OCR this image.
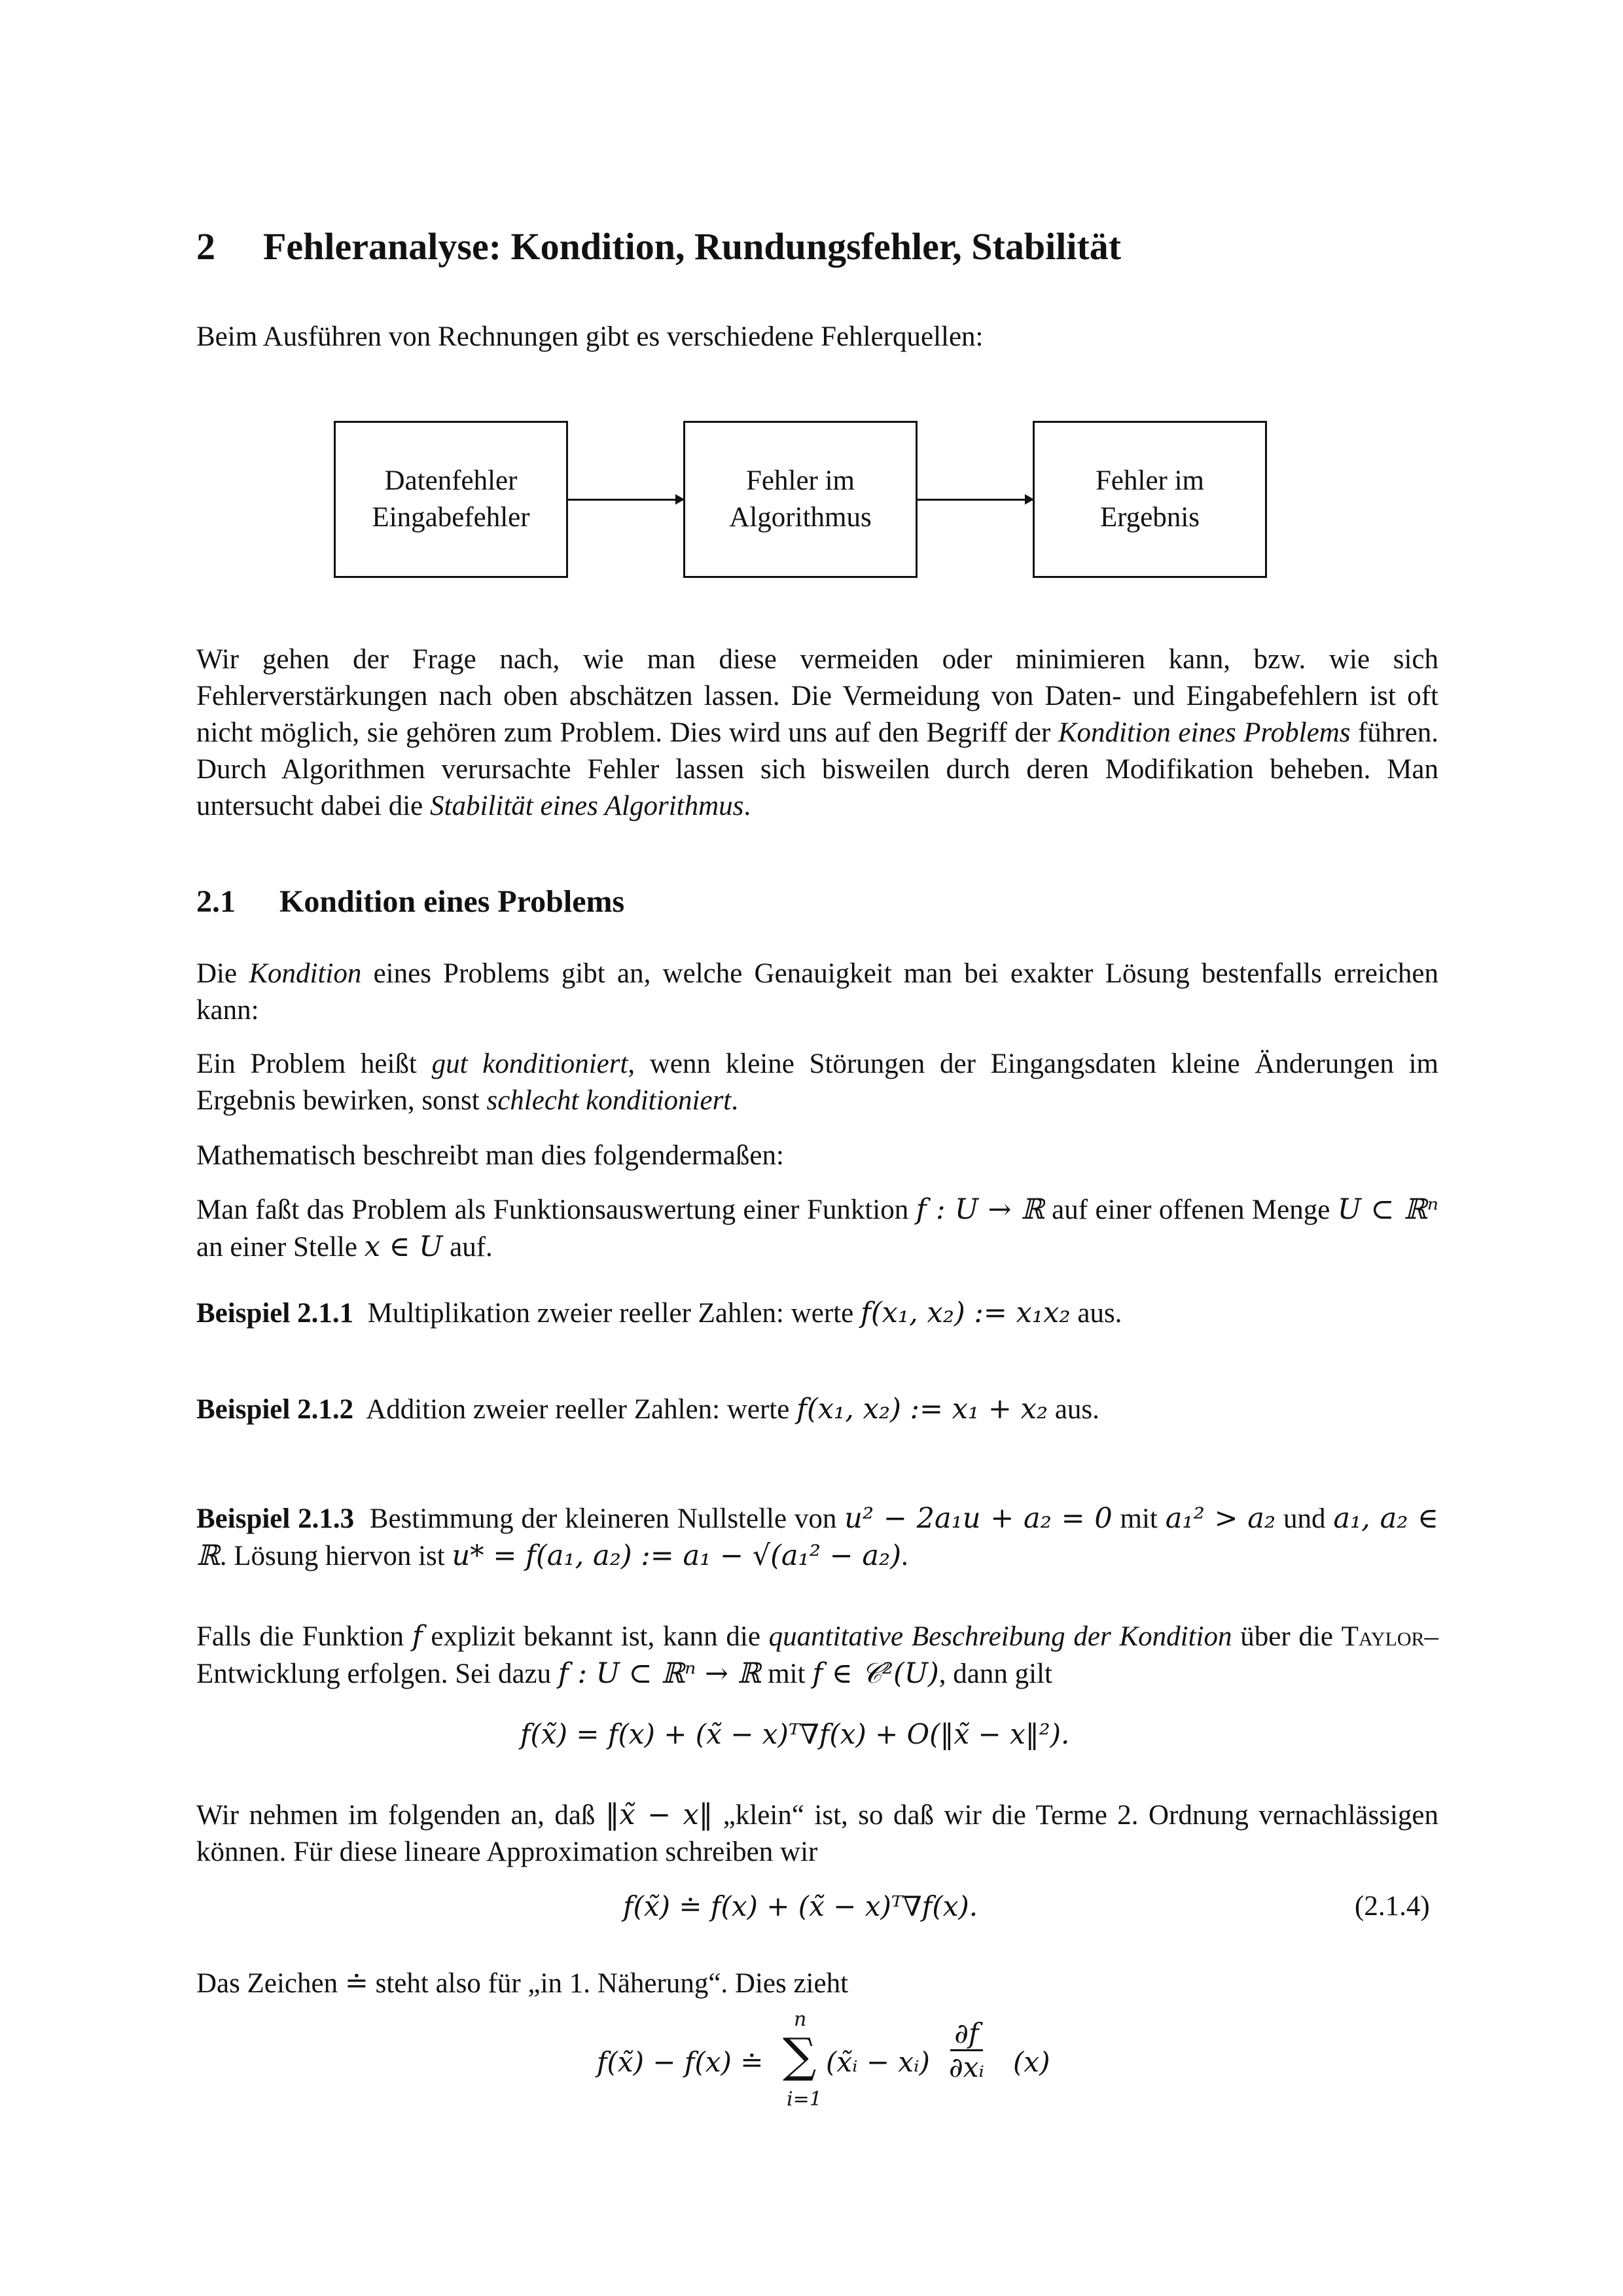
2 Fehleranalyse: Kondition, Rundungsfehler, Stabilität
Beim Ausführen von Rechnungen gibt es verschiedene Fehlerquellen:
Datenfehler
Eingabefehler
Fehler im
Algorithmus
Fehler im
Ergebnis
Wir gehen der Frage nach, wie man diese vermeiden oder minimieren kann, bzw. wie sich Fehlerverstärkungen nach oben abschätzen lassen. Die Vermeidung von Daten- und Eingabefehlern ist oft nicht möglich, sie gehören zum Problem. Dies wird uns auf den Begriff der Kondition eines Problems führen. Durch Algorithmen verursachte Fehler lassen sich bisweilen durch deren Modifikation beheben. Man untersucht dabei die Stabilität eines Algorithmus.
2.1 Kondition eines Problems
Die Kondition eines Problems gibt an, welche Genauigkeit man bei exakter Lösung bestenfalls erreichen kann:
Ein Problem heißt gut konditioniert, wenn kleine Störungen der Eingangsdaten kleine Änderungen im Ergebnis bewirken, sonst schlecht konditioniert.
Mathematisch beschreibt man dies folgendermaßen:
Man faßt das Problem als Funktionsauswertung einer Funktion f : U → ℝ auf einer offenen Menge U ⊂ ℝⁿ an einer Stelle x ∈ U auf.
Beispiel 2.1.1 Multiplikation zweier reeller Zahlen: werte f(x₁, x₂) := x₁x₂ aus.
Beispiel 2.1.2 Addition zweier reeller Zahlen: werte f(x₁, x₂) := x₁ + x₂ aus.
Beispiel 2.1.3 Bestimmung der kleineren Nullstelle von u² − 2a₁u + a₂ = 0 mit a₁² > a₂ und a₁, a₂ ∈ ℝ. Lösung hiervon ist u* = f(a₁, a₂) := a₁ − √(a₁² − a₂).
Falls die Funktion f explizit bekannt ist, kann die quantitative Beschreibung der Kondition über die Taylor–Entwicklung erfolgen. Sei dazu f : U ⊂ ℝⁿ → ℝ mit f ∈ 𝒞²(U), dann gilt
f(x̃) = f(x) + (x̃ − x)ᵀ∇f(x) + O(‖x̃ − x‖²).
Wir nehmen im folgenden an, daß ‖x̃ − x‖ „klein“ ist, so daß wir die Terme 2. Ordnung vernachlässigen können. Für diese lineare Approximation schreiben wir
f(x̃) ≐ f(x) + (x̃ − x)ᵀ∇f(x).	(2.1.4)
Das Zeichen ≐ steht also für „in 1. Näherung“. Dies zieht
f(x̃) − f(x) ≐
n
∑
i=1
(x̃ᵢ − xᵢ) $\frac{\partial f}{\text{∂xᵢ}} (x)$
